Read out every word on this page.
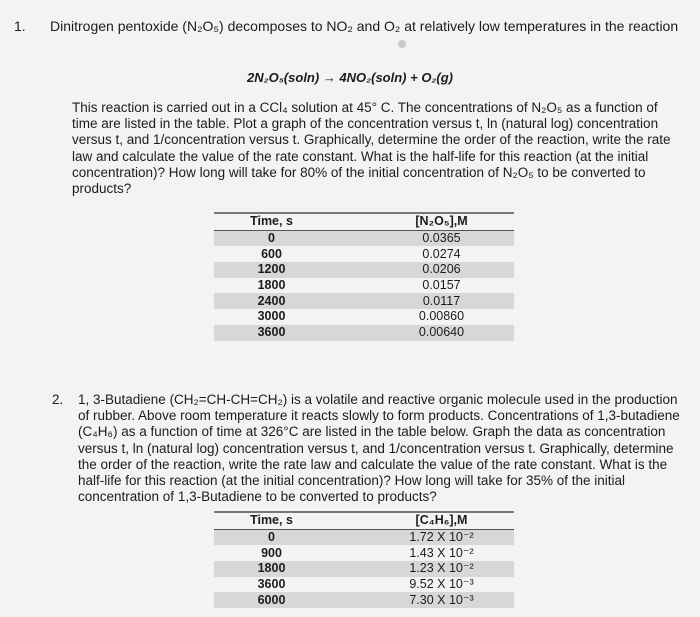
1. Dinitrogen pentoxide (N₂O₅) decomposes to NO₂ and O₂ at relatively low temperatures in the reaction
2N₂O₅(soln) → 4NO₂(soln) + O₂(g)
This reaction is carried out in a CCl₄ solution at 45° C. The concentrations of N₂O₅ as a function of time are listed in the table. Plot a graph of the concentration versus t, ln (natural log) concentration versus t, and 1/concentration versus t. Graphically, determine the order of the reaction, write the rate law and calculate the value of the rate constant. What is the half-life for this reaction (at the initial concentration)? How long will take for 80% of the initial concentration of N₂O₅ to be converted to products?
Time, s		[N₂O₅],M
0		0.0365
600		0.0274
1200		0.0206
1800		0.0157
2400		0.0117
3000		0.00860
3600		0.00640
2. 1, 3-Butadiene (CH₂=CH-CH=CH₂) is a volatile and reactive organic molecule used in the production of rubber. Above room temperature it reacts slowly to form products. Concentrations of 1,3-butadiene (C₄H₆) as a function of time at 326°C are listed in the table below. Graph the data as concentration versus t, ln (natural log) concentration versus t, and 1/concentration versus t. Graphically, determine the order of the reaction, write the rate law and calculate the value of the rate constant. What is the half-life for this reaction (at the initial concentration)? How long will take for 35% of the initial concentration of 1,3-Butadiene to be converted to products?
Time, s		[C₄H₆],M
0		1.72 X 10⁻²
900		1.43 X 10⁻²
1800		1.23 X 10⁻²
3600		9.52 X 10⁻³
6000		7.30 X 10⁻³
